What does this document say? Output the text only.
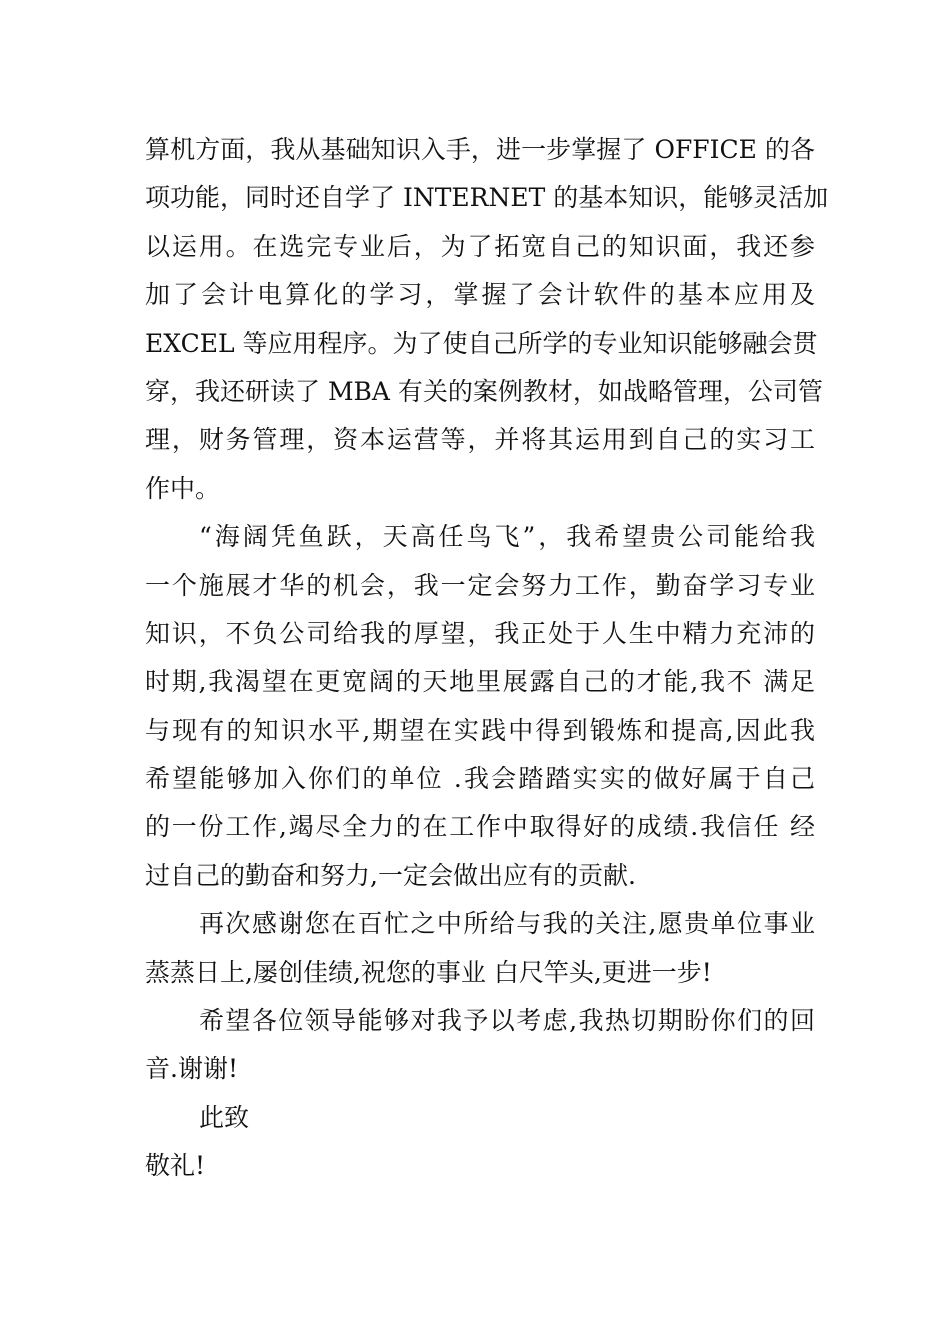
算机方面，我从基础知识入手，进一步掌握了 OFFICE 的各
项功能，同时还自学了 INTERNET 的基本知识，能够灵活加
以运用。在选完专业后，为了拓宽自己的知识面，我还参
加了会计电算化的学习，掌握了会计软件的基本应用及
EXCEL 等应用程序。为了使自己所学的专业知识能够融会贯
穿，我还研读了 MBA 有关的案例教材，如战略管理，公司管
理，财务管理，资本运营等，并将其运用到自己的实习工
作中。
“海阔凭鱼跃，天高任鸟飞”，我希望贵公司能给我
一个施展才华的机会，我一定会努力工作，勤奋学习专业
知识，不负公司给我的厚望，我正处于人生中精力充沛的
时期,我渴望在更宽阔的天地里展露自己的才能,我不 满足
与现有的知识水平,期望在实践中得到锻炼和提高,因此我
希望能够加入你们的单位 .我会踏踏实实的做好属于自己
的一份工作,竭尽全力的在工作中取得好的成绩.我信任 经
过自己的勤奋和努力,一定会做出应有的贡献.
再次感谢您在百忙之中所给与我的关注,愿贵单位事业
蒸蒸日上,屡创佳绩,祝您的事业 白尺竿头,更进一步!
希望各位领导能够对我予以考虑,我热切期盼你们的回
音.谢谢!
此致
敬礼!
